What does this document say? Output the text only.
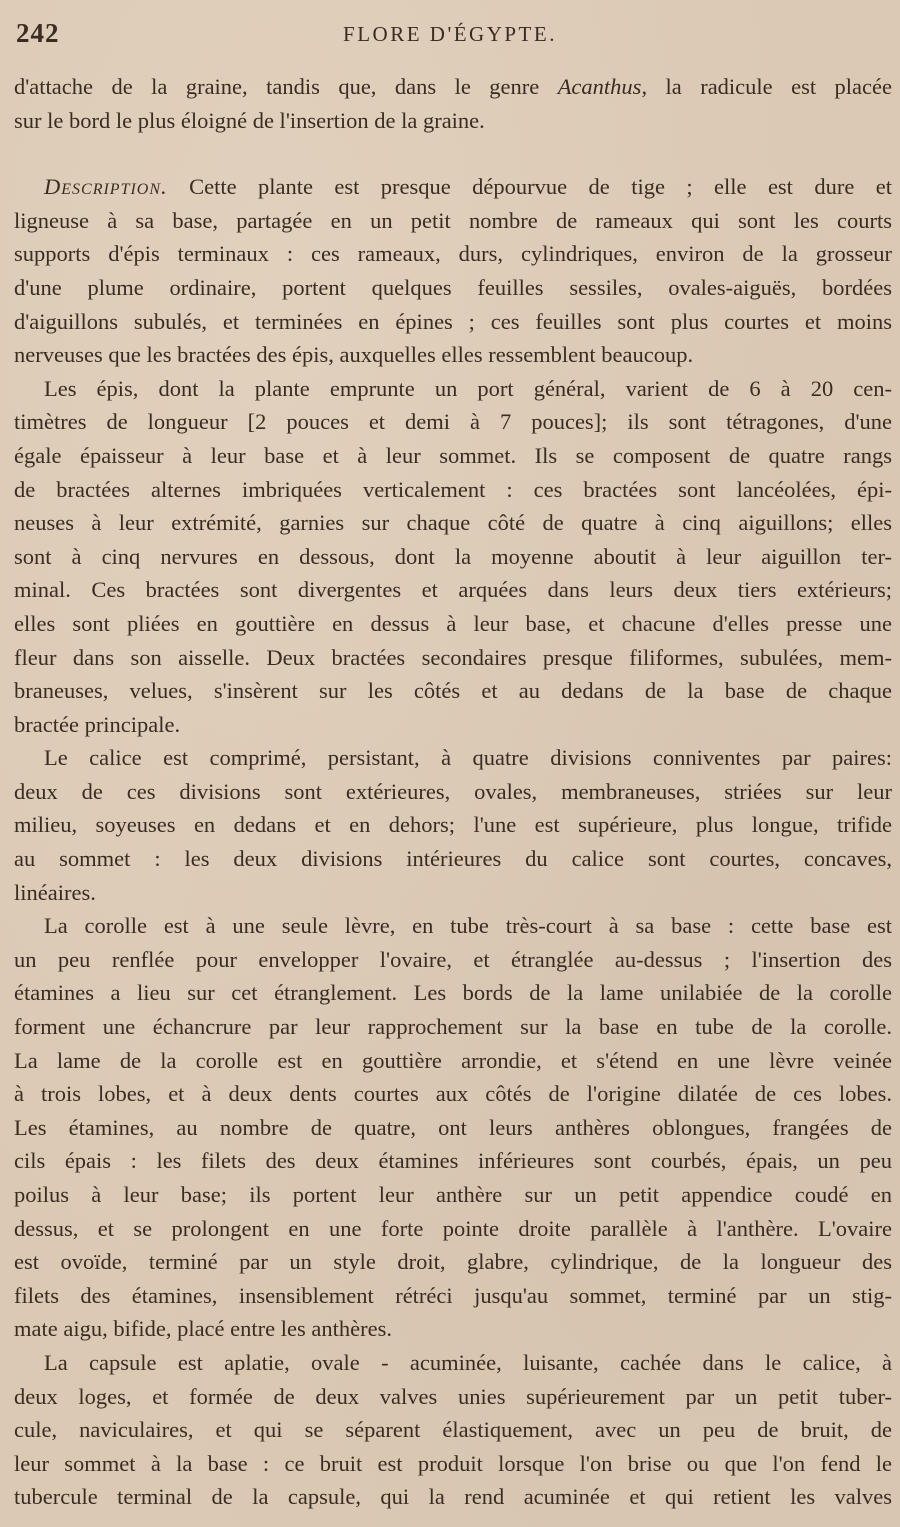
242	FLORE D'ÉGYPTE.
d'attache de la graine, tandis que, dans le genre Acanthus, la radicule est placée
sur le bord le plus éloigné de l'insertion de la graine.
Description. Cette plante est presque dépourvue de tige ; elle est dure et
ligneuse à sa base, partagée en un petit nombre de rameaux qui sont les courts
supports d'épis terminaux : ces rameaux, durs, cylindriques, environ de la grosseur
d'une plume ordinaire, portent quelques feuilles sessiles, ovales-aiguës, bordées
d'aiguillons subulés, et terminées en épines ; ces feuilles sont plus courtes et moins
nerveuses que les bractées des épis, auxquelles elles ressemblent beaucoup.
Les épis, dont la plante emprunte un port général, varient de 6 à 20 cen-
timètres de longueur [2 pouces et demi à 7 pouces]; ils sont tétragones, d'une
égale épaisseur à leur base et à leur sommet. Ils se composent de quatre rangs
de bractées alternes imbriquées verticalement : ces bractées sont lancéolées, épi-
neuses à leur extrémité, garnies sur chaque côté de quatre à cinq aiguillons; elles
sont à cinq nervures en dessous, dont la moyenne aboutit à leur aiguillon ter-
minal. Ces bractées sont divergentes et arquées dans leurs deux tiers extérieurs;
elles sont pliées en gouttière en dessus à leur base, et chacune d'elles presse une
fleur dans son aisselle. Deux bractées secondaires presque filiformes, subulées, mem-
braneuses, velues, s'insèrent sur les côtés et au dedans de la base de chaque
bractée principale.
Le calice est comprimé, persistant, à quatre divisions conniventes par paires:
deux de ces divisions sont extérieures, ovales, membraneuses, striées sur leur
milieu, soyeuses en dedans et en dehors; l'une est supérieure, plus longue, trifide
au sommet : les deux divisions intérieures du calice sont courtes, concaves,
linéaires.
La corolle est à une seule lèvre, en tube très-court à sa base : cette base est
un peu renflée pour envelopper l'ovaire, et étranglée au-dessus ; l'insertion des
étamines a lieu sur cet étranglement. Les bords de la lame unilabiée de la corolle
forment une échancrure par leur rapprochement sur la base en tube de la corolle.
La lame de la corolle est en gouttière arrondie, et s'étend en une lèvre veinée
à trois lobes, et à deux dents courtes aux côtés de l'origine dilatée de ces lobes.
Les étamines, au nombre de quatre, ont leurs anthères oblongues, frangées de
cils épais : les filets des deux étamines inférieures sont courbés, épais, un peu
poilus à leur base; ils portent leur anthère sur un petit appendice coudé en
dessus, et se prolongent en une forte pointe droite parallèle à l'anthère. L'ovaire
est ovoïde, terminé par un style droit, glabre, cylindrique, de la longueur des
filets des étamines, insensiblement rétréci jusqu'au sommet, terminé par un stig-
mate aigu, bifide, placé entre les anthères.
La capsule est aplatie, ovale - acuminée, luisante, cachée dans le calice, à
deux loges, et formée de deux valves unies supérieurement par un petit tuber-
cule, naviculaires, et qui se séparent élastiquement, avec un peu de bruit, de
leur sommet à la base : ce bruit est produit lorsque l'on brise ou que l'on fend le
tubercule terminal de la capsule, qui la rend acuminée et qui retient les valves
